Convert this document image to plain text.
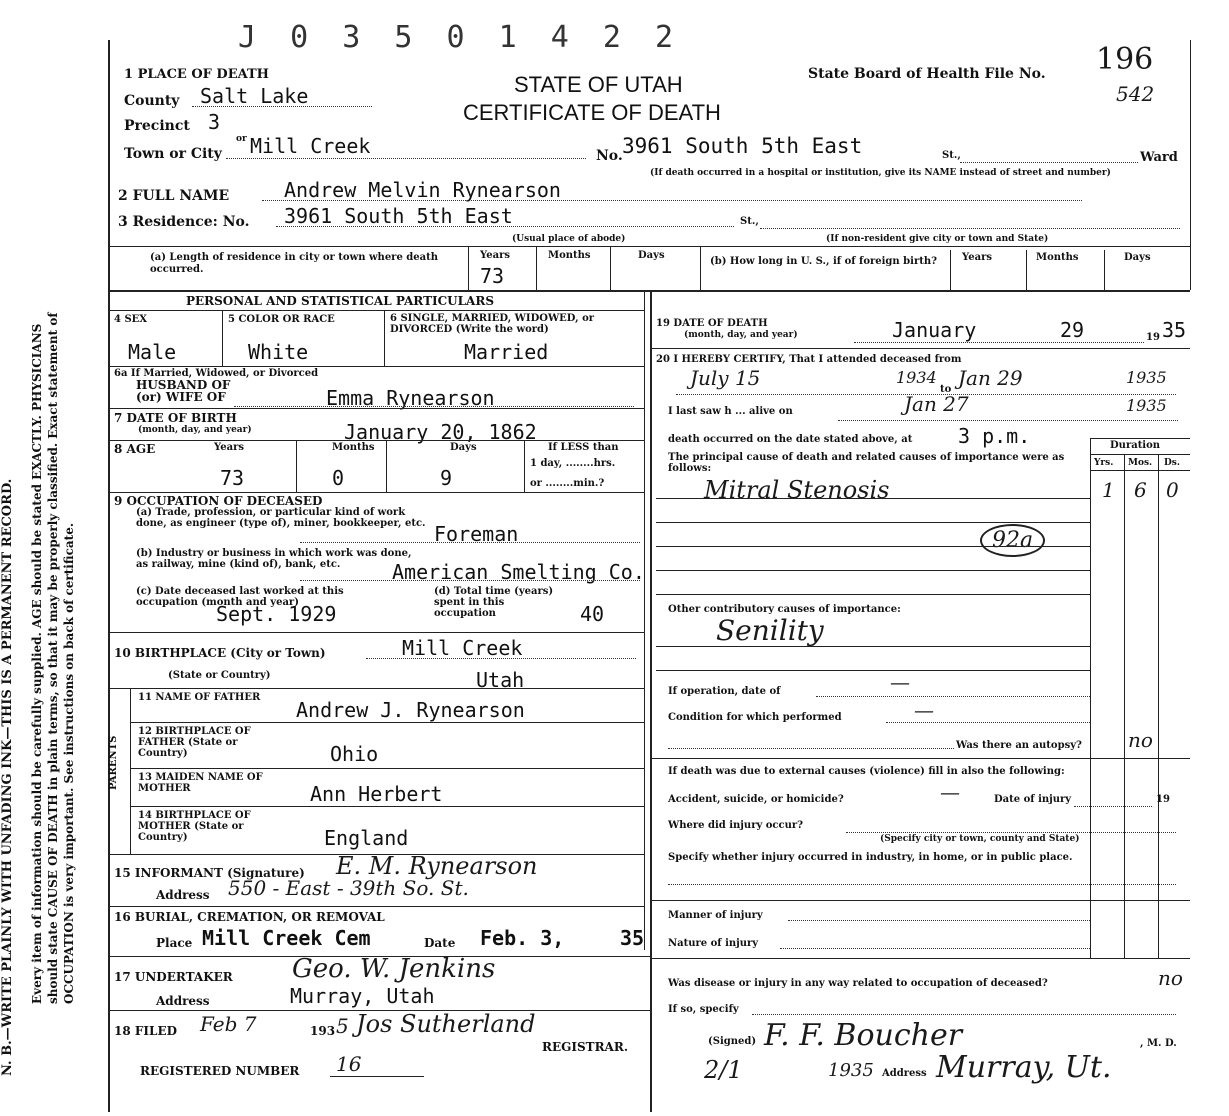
N. B.—WRITE PLAINLY WITH UNFADING INK—THIS IS A PERMANENT RECORD. Every item of information should be carefully supplied. AGE should be stated EXACTLY. PHYSICIANS should state CAUSE OF DEATH in plain terms, so that it may be properly classified. Exact statement of OCCUPATION is very important. See instructions on back of certificate.
J 0 3 5 0 1 4 2 2
STATE OF UTAH
CERTIFICATE OF DEATH
State Board of Health File No. 196
542
1 PLACE OF DEATH
County Salt Lake
Precinct 3
or
Town or City Mill Creek	No. 3961 South 5th East	St.,	Ward
(If death occurred in a hospital or institution, give its NAME instead of street and number)
2 FULL NAME	Andrew Melvin Rynearson
3 Residence: No. 3961 South 5th East	St.,
(Usual place of abode)	(If non-resident give city or town and State)
(a) Length of residence in city or town where death occurred.
Years	Months	Days
73
(b) How long in U. S., if of foreign birth?	Years	Months	Days
PERSONAL AND STATISTICAL PARTICULARS
4 SEX	5 COLOR OR RACE	6 SINGLE, MARRIED, WIDOWED, or DIVORCED (Write the word)
Male	White	Married
6a If Married, Widowed, or Divorced
HUSBAND OF
(or) WIFE OF	Emma Rynearson
7 DATE OF BIRTH
(month, day, and year)	January 20, 1862
8 AGE	Years	Months	Days
73	0	9
If LESS than
1 day, ........hrs.
or ........min.?
9 OCCUPATION OF DECEASED
(a) Trade, profession, or particular kind of work done, as engineer (type of), miner, bookkeeper, etc. Foreman
(b) Industry or business in which work was done, as railway, mine (kind of), bank, etc.	American Smelting Co.
(c) Date deceased last worked at this occupation (month and year)
Sept. 1929
(d) Total time (years) spent in this occupation	40
10 BIRTHPLACE (City or Town)	Mill Creek
(State or Country)	Utah
PARENTS
11 NAME OF FATHER
Andrew J. Rynearson
12 BIRTHPLACE OF FATHER (State or Country)	Ohio
13 MAIDEN NAME OF MOTHER	Ann Herbert
14 BIRTHPLACE OF MOTHER (State or Country)	England
15 INFORMANT (Signature) E. M. Rynearson
Address 550 - East - 39th So. St.
16 BURIAL, CREMATION, OR REMOVAL
Place Mill Creek Cem	Date Feb. 3,	35
17 UNDERTAKER Geo. W. Jenkins
Address	Murray, Utah
18 FILED Feb 7	193 5 Jos Sutherland
REGISTRAR.
REGISTERED NUMBER 16
19 DATE OF DEATH
(month, day, and year)	January	29	19 35
20 I HEREBY CERTIFY, That I attended deceased from
July 15	1934
to Jan 29	1935
I last saw h ... alive on	Jan 27	1935
death occurred on the date stated above, at 3 p.m.
The principal cause of death and related causes of importance were as follows:
Duration
Yrs. Mos. Ds.
Mitral Stenosis	1 6 0
92a
Other contributory causes of importance:
Senility
If operation, date of	—
Condition for which performed	—
Was there an autopsy? no
If death was due to external causes (violence) fill in also the following:
Accident, suicide, or homicide?	—	Date of injury	19
Where did injury occur?
(Specify city or town, county and State)
Specify whether injury occurred in industry, in home, or in public place.
Manner of injury
Nature of injury
Was disease or injury in any way related to occupation of deceased?	no
If so, specify
(Signed) F. F. Boucher	, M. D.
2/1	1935 Address Murray, Ut.
